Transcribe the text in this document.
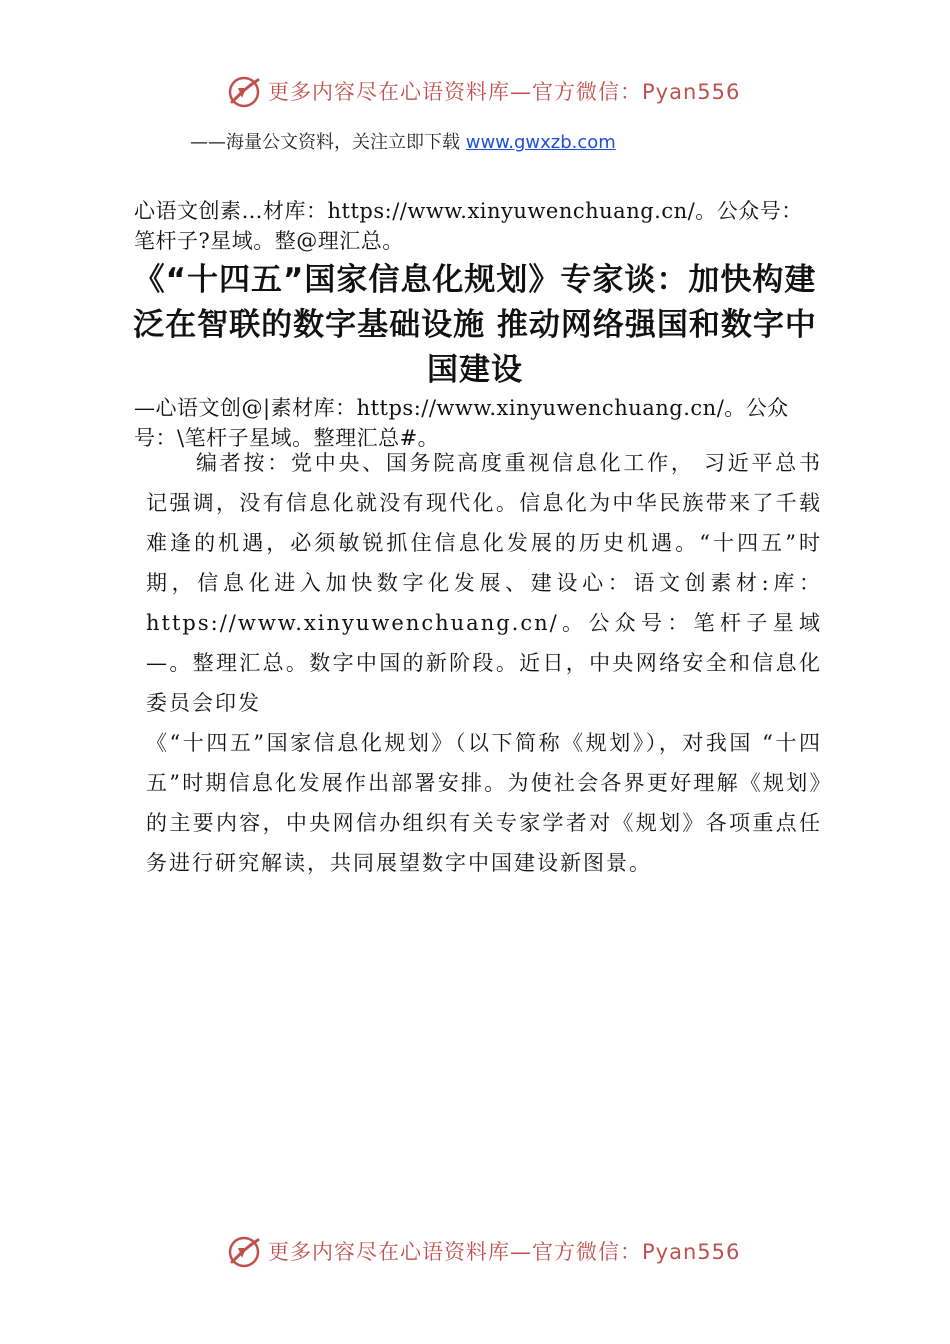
更多内容尽在心语资料库—官方微信：Pyan556
——海量公文资料，关注立即下载 www.gwxzb.com
心语文创素…材库：https://www.xinyuwenchuang.cn/。公众号：笔杆子?星域。整@理汇总。
《“十四五”国家信息化规划》专家谈：加快构建泛在智联的数字基础设施 推动网络强国和数字中国建设
—心语文创@|素材库：https://www.xinyuwenchuang.cn/。公众号：\笔杆子星域。整理汇总#。

编者按：党中央、国务院高度重视信息化工作， 习近平总书记强调，没有信息化就没有现代化。信息化为中华民族带来了千载难逢的机遇，必须敏锐抓住信息化发展的历史机遇。“十四五”时期，信息化进入加快数字化发展、建设心：语文创素材:库：https://www.xinyuwenchuang.cn/。公众号：笔杆子星域—。整理汇总。数字中国的新阶段。近日，中央网络安全和信息化委员会印发

《“十四五”国家信息化规划》（以下简称《规划》），对我国 “十四五”时期信息化发展作出部署安排。为使社会各界更好理解《规划》的主要内容，中央网信办组织有关专家学者对《规划》各项重点任务进行研究解读，共同展望数字中国建设新图景。

更多内容尽在心语资料库—官方微信：Pyan556
